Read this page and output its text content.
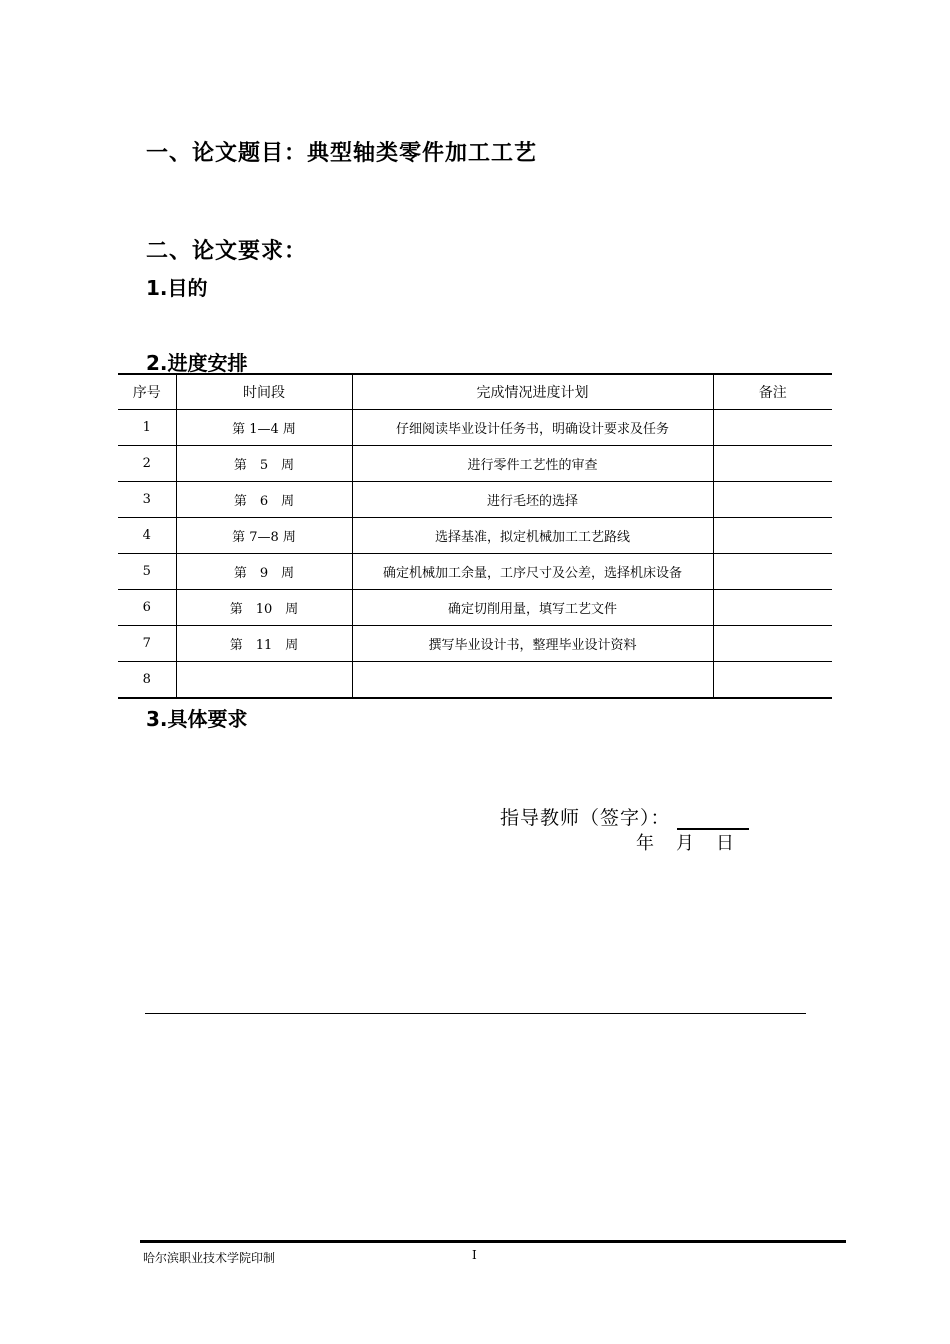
一、论文题目：典型轴类零件加工工艺
二、论文要求：
1.目的
2.进度安排
序号	时间段	完成情况进度计划	备注
1	第 1—4 周	仔细阅读毕业设计任务书，明确设计要求及任务	
2	第　5　周	进行零件工艺性的审查	
3	第　6　周	进行毛坯的选择	
4	第 7—8 周	选择基准，拟定机械加工工艺路线	
5	第　9　周	确定机械加工余量，工序尺寸及公差，选择机床设备	
6	第　10　周	确定切削用量，填写工艺文件	
7	第　11　周	撰写毕业设计书，整理毕业设计资料	
8			
3.具体要求
指导教师（签字）：
年 月 日
哈尔滨职业技术学院印制	I
